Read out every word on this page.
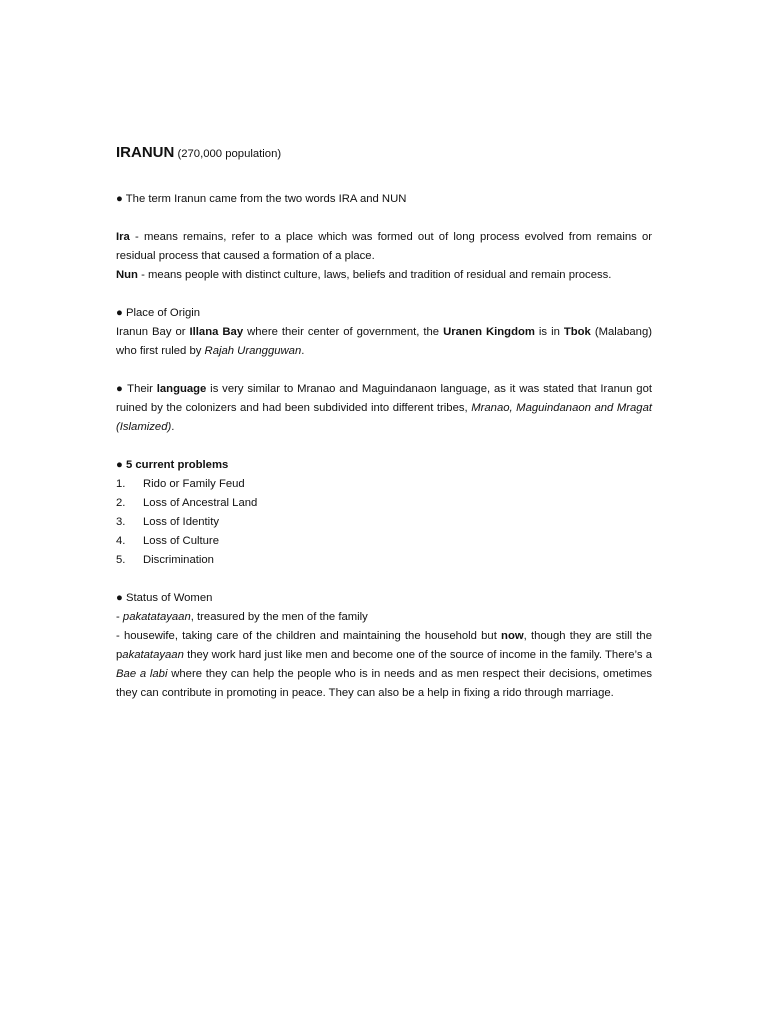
IRANUN (270,000 population)

● The term Iranun came from the two words IRA and NUN

Ira - means remains, refer to a place which was formed out of long process evolved from remains or residual process that caused a formation of a place.

Nun - means people with distinct culture, laws, beliefs and tradition of residual and remain process.

● Place of Origin

Iranun Bay or Illana Bay where their center of government, the Uranen Kingdom is in Tbok (Malabang) who first ruled by Rajah Urangguwan.

● Their language is very similar to Mranao and Maguindanaon language, as it was stated that Iranun got ruined by the colonizers and had been subdivided into different tribes, Mranao, Maguindanaon and Mragat (Islamized).

● 5 current problems

1.	Rido or Family Feud
2.	Loss of Ancestral Land
3.	Loss of Identity
4.	Loss of Culture
5.	Discrimination

● Status of Women

- pakatatayaan, treasured by the men of the family

- housewife, taking care of the children and maintaining the household but now, though they are still the pakatatayaan they work hard just like men and become one of the source of income in the family. There’s a Bae a labi where they can help the people who is in needs and as men respect their decisions, ometimes they can contribute in promoting in peace. They can also be a help in fixing a rido through marriage.
